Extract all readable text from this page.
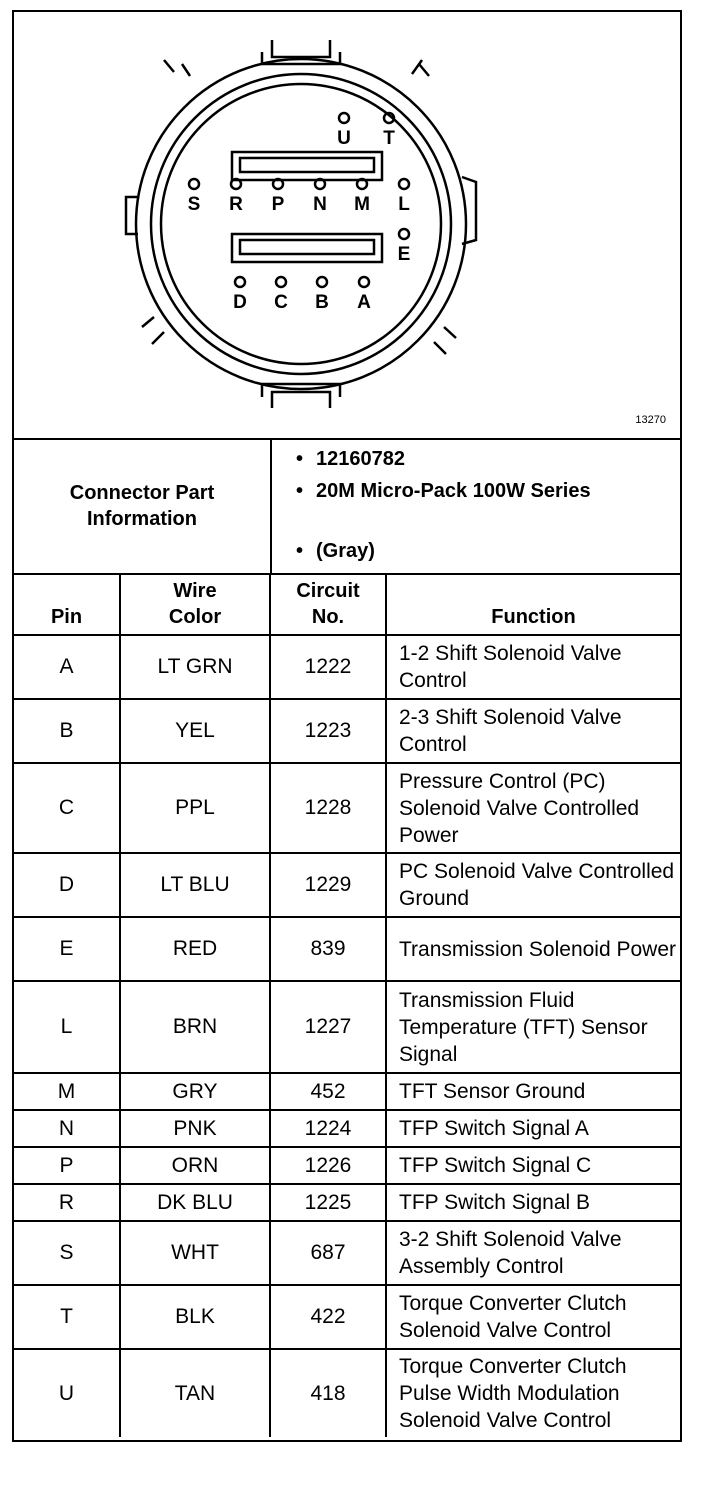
U T
S R P N M L
E
D C B A
13270
Connector Part Information
• 12160782
• 20M Micro-Pack 100W Series
• (Gray)
Pin	Wire Color	Circuit No.	Function
A	LT GRN	1222	1-2 Shift Solenoid Valve Control
B	YEL	1223	2-3 Shift Solenoid Valve Control
C	PPL	1228	Pressure Control (PC) Solenoid Valve Controlled Power
D	LT BLU	1229	PC Solenoid Valve Controlled Ground
E	RED	839	Transmission Solenoid Power
L	BRN	1227	Transmission Fluid Temperature (TFT) Sensor Signal
M	GRY	452	TFT Sensor Ground
N	PNK	1224	TFP Switch Signal A
P	ORN	1226	TFP Switch Signal C
R	DK BLU	1225	TFP Switch Signal B
S	WHT	687	3-2 Shift Solenoid Valve Assembly Control
T	BLK	422	Torque Converter Clutch Solenoid Valve Control
U	TAN	418	Torque Converter Clutch Pulse Width Modulation Solenoid Valve Control
